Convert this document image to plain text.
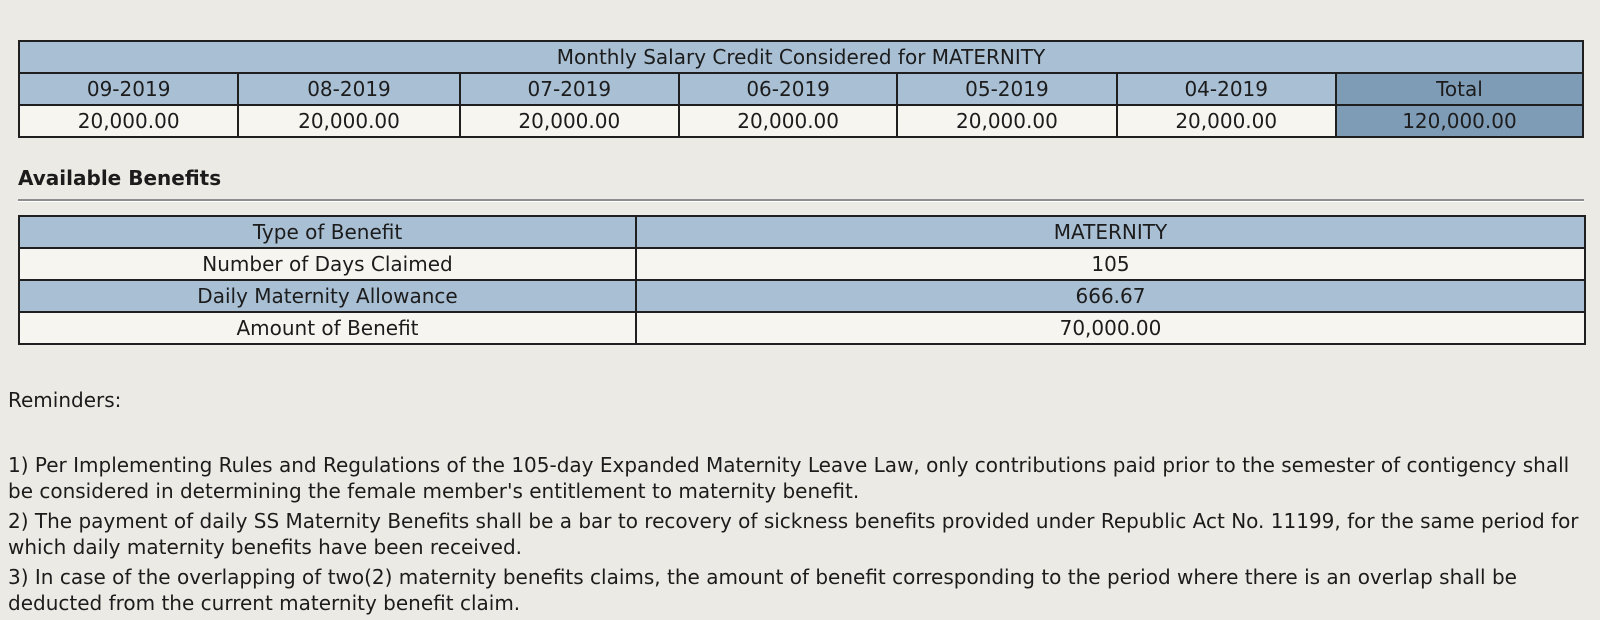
Monthly Salary Credit Considered for MATERNITY						
09-2019	08-2019	07-2019	06-2019	05-2019	04-2019	Total
20,000.00	20,000.00	20,000.00	20,000.00	20,000.00	20,000.00	120,000.00
Available Benefits
Type of Benefit	MATERNITY
Number of Days Claimed	105
Daily Maternity Allowance	666.67
Amount of Benefit	70,000.00
Reminders:

1) Per Implementing Rules and Regulations of the 105-day Expanded Maternity Leave Law, only contributions paid prior to the semester of contigency shall be considered in determining the female member's entitlement to maternity benefit.

2) The payment of daily SS Maternity Benefits shall be a bar to recovery of sickness benefits provided under Republic Act No. 11199, for the same period for which daily maternity benefits have been received.

3) In case of the overlapping of two(2) maternity benefits claims, the amount of benefit corresponding to the period where there is an overlap shall be deducted from the current maternity benefit claim.
